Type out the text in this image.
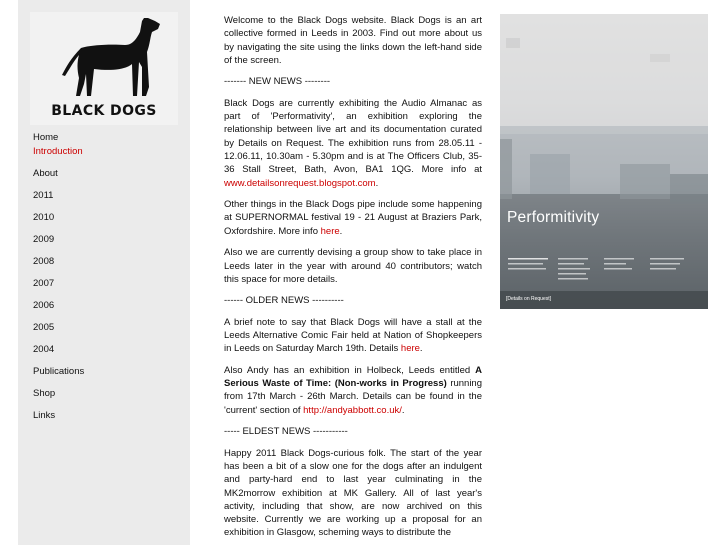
BLACK DOGS
Home
Introduction
About
2011
2010
2009
2008
2007
2006
2005
2004
Publications
Shop
Links

Welcome to the Black Dogs website. Black Dogs is an art collective formed in Leeds in 2003. Find out more about us by navigating the site using the links down the left-hand side of the screen.

------- NEW NEWS --------

Black Dogs are currently exhibiting the Audio Almanac as part of 'Performativity', an exhibition exploring the relationship between live art and its documentation curated by Details on Request. The exhibition runs from 28.05.11 - 12.06.11, 10.30am - 5.30pm and is at The Officers Club, 35-36 Stall Street, Bath, Avon, BA1 1QG. More info at www.detailsonrequest.blogspot.com.

Other things in the Black Dogs pipe include some happening at SUPERNORMAL festival 19 - 21 August at Braziers Park, Oxfordshire. More info here.

Also we are currently devising a group show to take place in Leeds later in the year with around 40 contributors; watch this space for more details.

------ OLDER NEWS ----------

A brief note to say that Black Dogs will have a stall at the Leeds Alternative Comic Fair held at Nation of Shopkeepers in Leeds on Saturday March 19th. Details here.

Also Andy has an exhibition in Holbeck, Leeds entitled A Serious Waste of Time: (Non-works in Progress) running from 17th March - 26th March. Details can be found in the 'current' section of http://andyabbott.co.uk/.

----- ELDEST NEWS -----------

Happy 2011 Black Dogs-curious folk. The start of the year has been a bit of a slow one for the dogs after an indulgent and party-hard end to last year culminating in the MK2morrow exhibition at MK Gallery. All of last year's activity, including that show, are now archived on this website. Currently we are working up a proposal for an exhibition in Glasgow, scheming ways to distribute the

Performitivity
[Details on Request]
